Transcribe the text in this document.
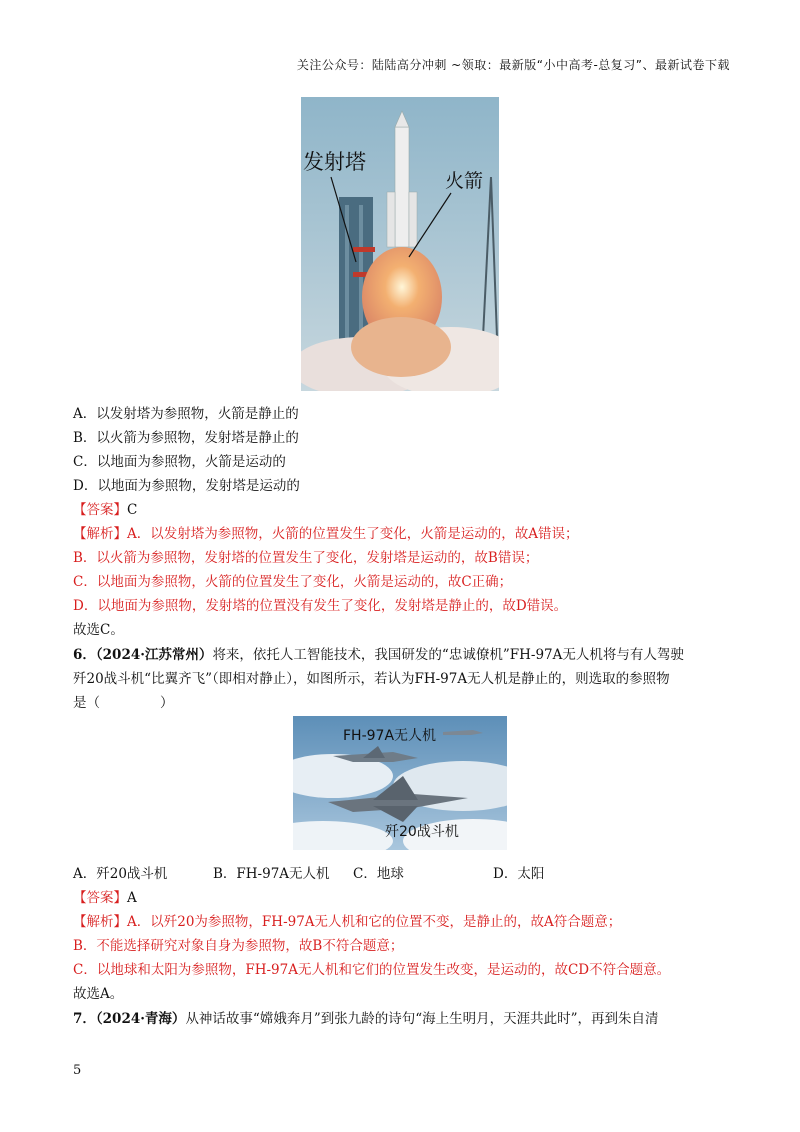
关注公众号：陆陆高分冲刺 ~领取：最新版“小中高考-总复习”、最新试卷下载
发射塔
火箭
A．以发射塔为参照物，火箭是静止的
B．以火箭为参照物，发射塔是静止的
C．以地面为参照物，火箭是运动的
D．以地面为参照物，发射塔是运动的
【答案】C
【解析】A．以发射塔为参照物，火箭的位置发生了变化，火箭是运动的，故A错误；
B．以火箭为参照物，发射塔的位置发生了变化，发射塔是运动的，故B错误；
C．以地面为参照物，火箭的位置发生了变化，火箭是运动的，故C正确；
D．以地面为参照物，发射塔的位置没有发生了变化，发射塔是静止的，故D错误。
故选C。
6．（2024·江苏常州）将来，依托人工智能技术，我国研发的“忠诚僚机”FH-97A无人机将与有人驾驶
歼20战斗机“比翼齐飞”（即相对静止），如图所示，若认为FH-97A无人机是静止的，则选取的参照物
是（	）
FH-97A无人机
歼20战斗机
A．歼20战斗机	B．FH-97A无人机 C．地球	D．太阳
【答案】A
【解析】A．以歼20为参照物，FH-97A无人机和它的位置不变，是静止的，故A符合题意；
B．不能选择研究对象自身为参照物，故B不符合题意；
C．以地球和太阳为参照物，FH-97A无人机和它们的位置发生改变，是运动的，故CD不符合题意。
故选A。
7．（2024·青海）从神话故事“嫦娥奔月”到张九龄的诗句“海上生明月，天涯共此时”，再到朱自清
5
